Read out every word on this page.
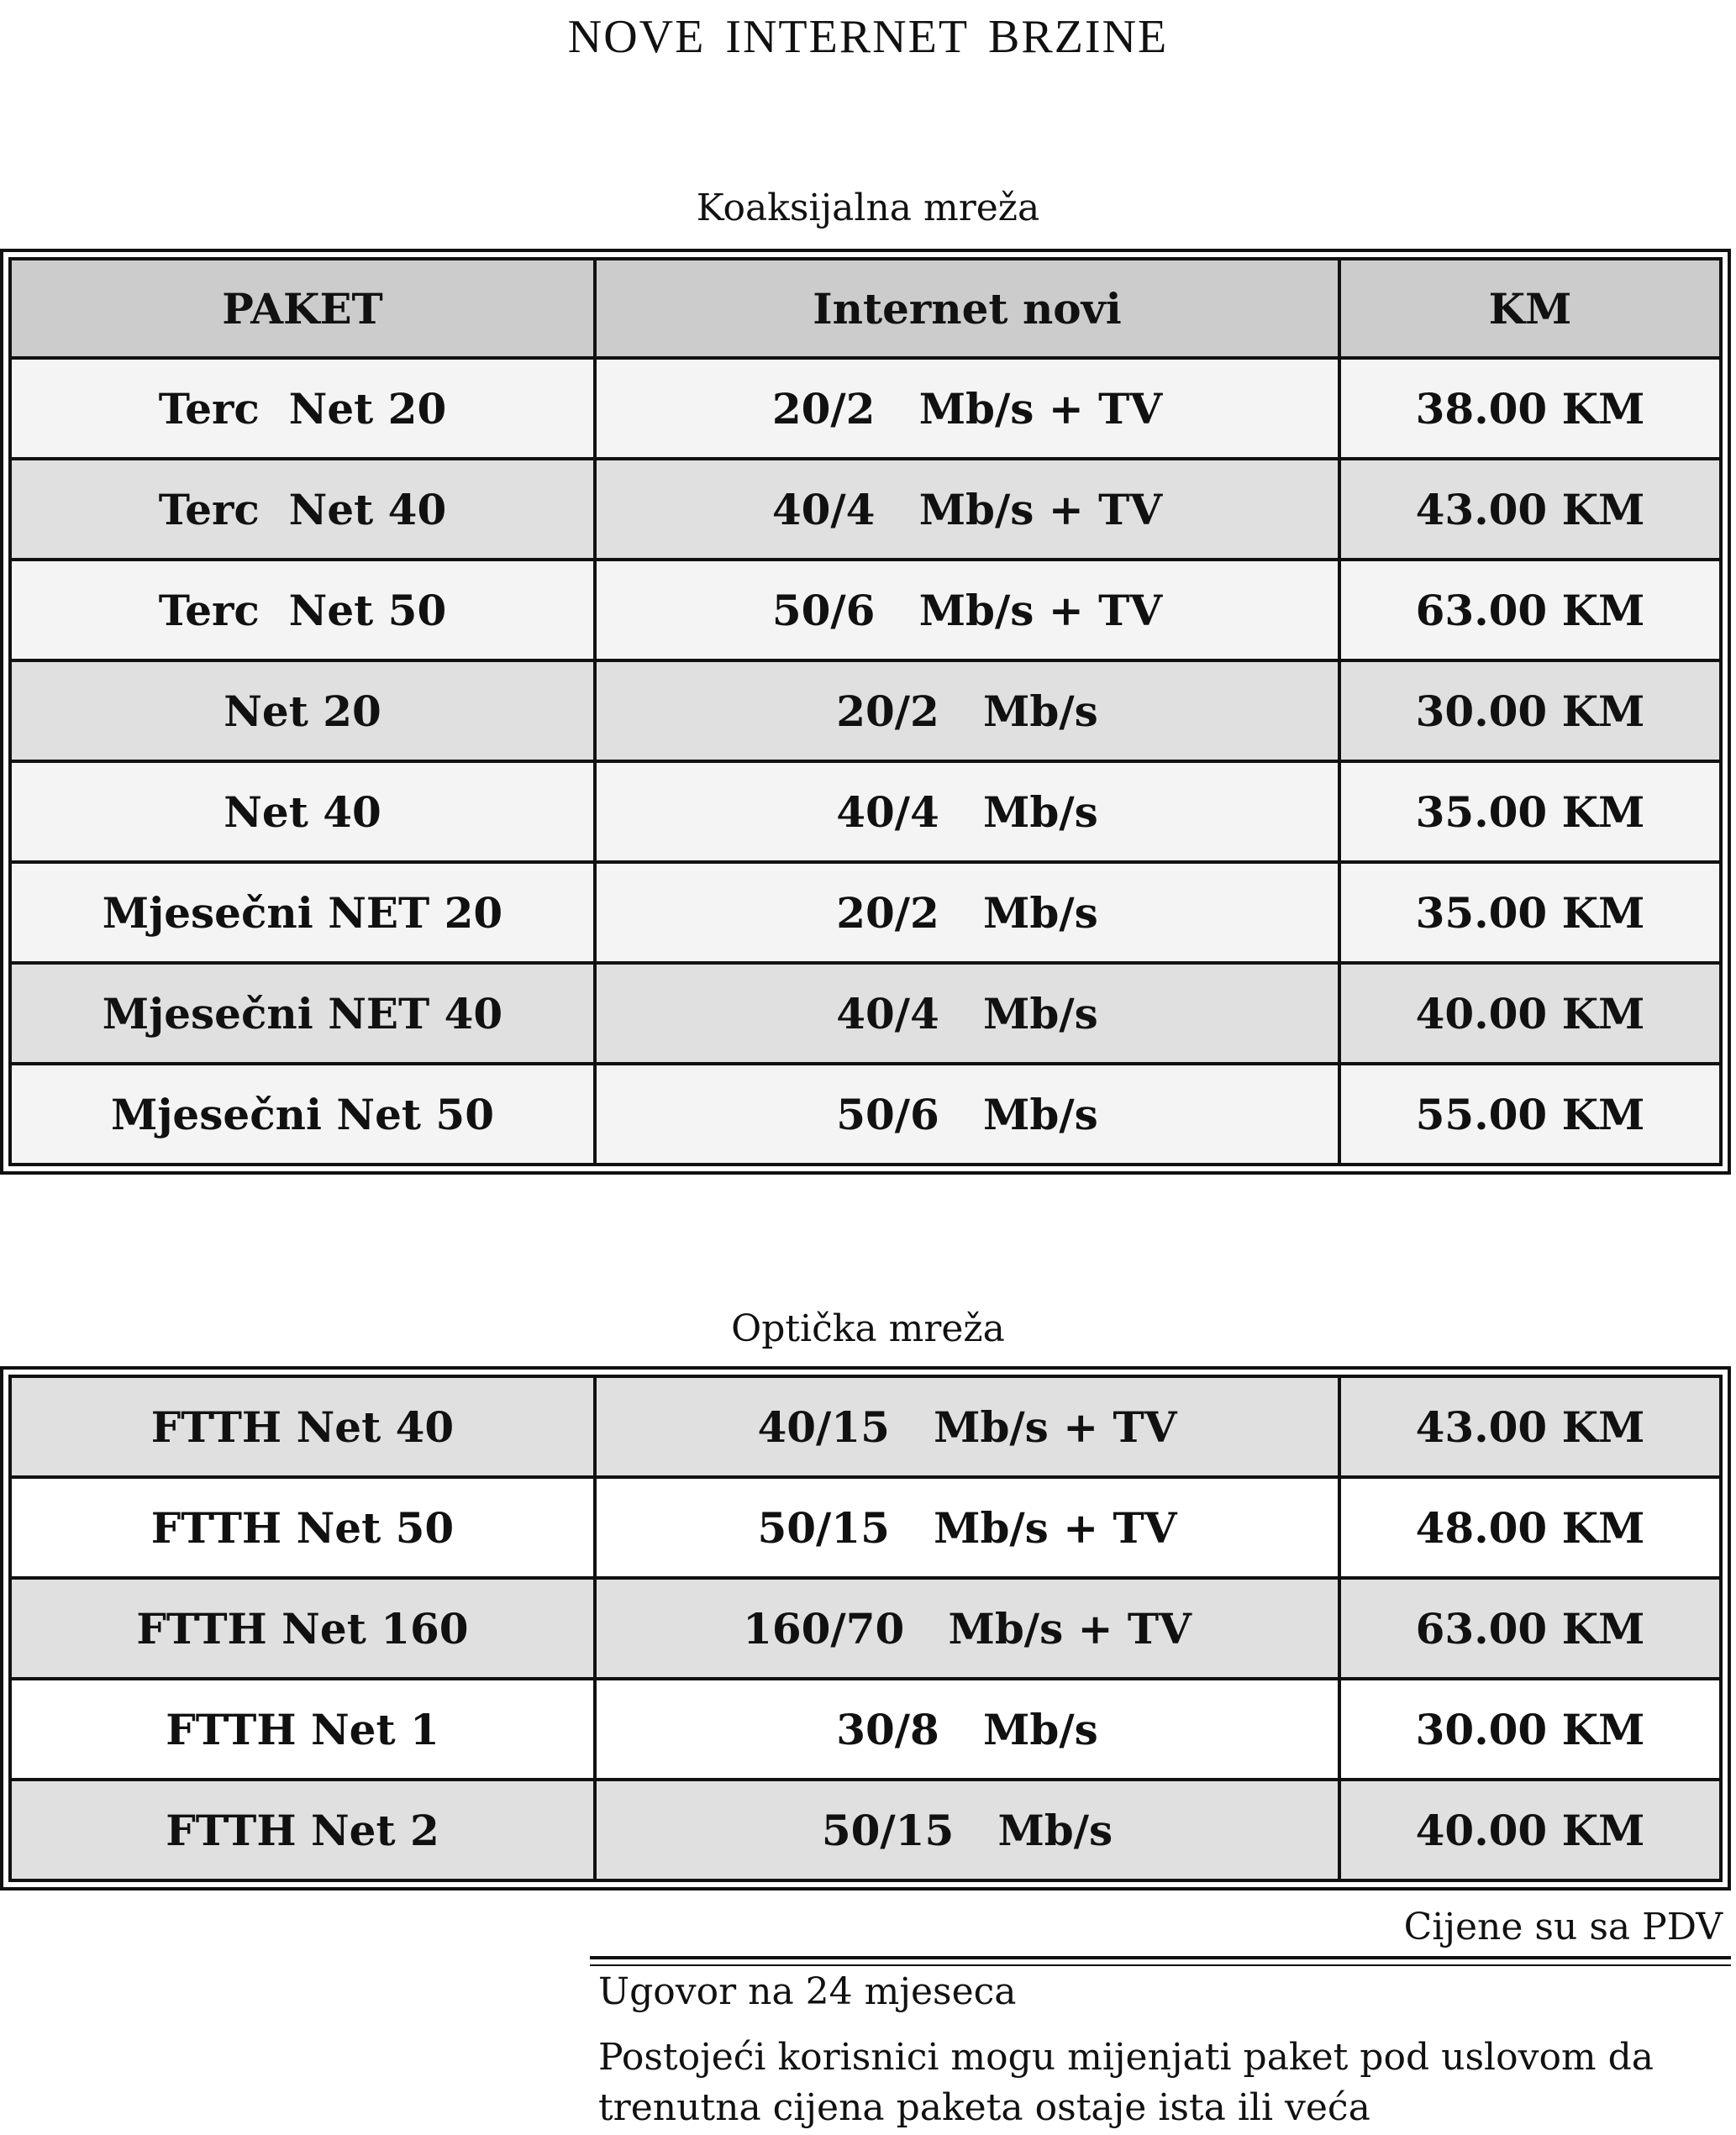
NOVE INTERNET BRZINE
Koaksijalna mreža
PAKET	Internet novi	KM
Terc  Net 20	20/2   Mb/s + TV	38.00 KM
Terc  Net 40	40/4   Mb/s + TV	43.00 KM
Terc  Net 50	50/6   Mb/s + TV	63.00 KM
Net 20	20/2   Mb/s	30.00 KM
Net 40	40/4   Mb/s	35.00 KM
Mjesečni NET 20	20/2   Mb/s	35.00 KM
Mjesečni NET 40	40/4   Mb/s	40.00 KM
Mjesečni Net 50	50/6   Mb/s	55.00 KM
Optička mreža
FTTH Net 40	40/15   Mb/s + TV	43.00 KM
FTTH Net 50	50/15   Mb/s + TV	48.00 KM
FTTH Net 160	160/70   Mb/s + TV	63.00 KM
FTTH Net 1	30/8   Mb/s	30.00 KM
FTTH Net 2	50/15   Mb/s	40.00 KM
Cijene su sa PDV
Ugovor na 24 mjeseca
Postojeći korisnici mogu mijenjati paket pod uslovom da
trenutna cijena paketa ostaje ista ili veća
